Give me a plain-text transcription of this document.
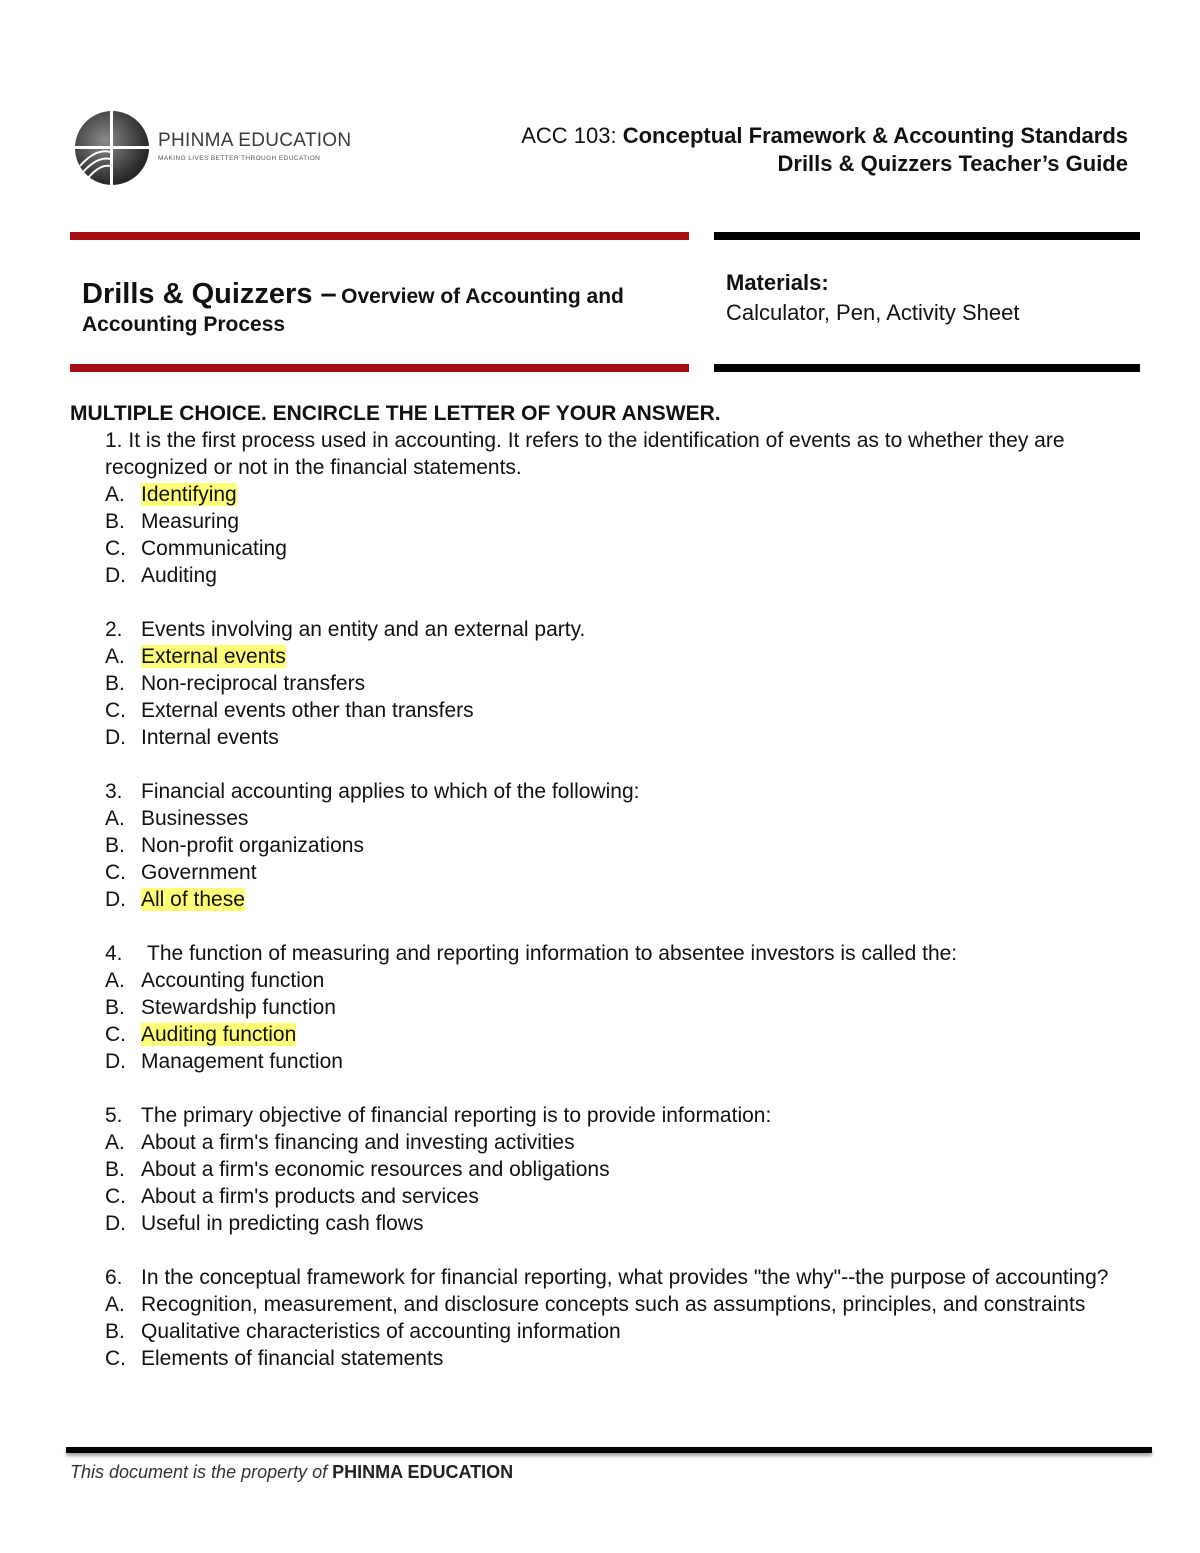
PHINMA EDUCATION
MAKING LIVES BETTER THROUGH EDUCATION
ACC 103: Conceptual Framework & Accounting Standards
Drills & Quizzers Teacher’s Guide
Drills & Quizzers – Overview of Accounting and
Accounting Process
Materials:
Calculator, Pen, Activity Sheet
MULTIPLE CHOICE. ENCIRCLE THE LETTER OF YOUR ANSWER.
1. It is the first process used in accounting. It refers to the identification of events as to whether they are recognized or not in the financial statements.
A. Identifying
B. Measuring
C. Communicating
D. Auditing
2. Events involving an entity and an external party.
A. External events
B. Non-reciprocal transfers
C. External events other than transfers
D. Internal events
3. Financial accounting applies to which of the following:
A. Businesses
B. Non-profit organizations
C. Government
D. All of these
4.	The function of measuring and reporting information to absentee investors is called the:
A. Accounting function
B. Stewardship function
C. Auditing function
D. Management function
5. The primary objective of financial reporting is to provide information:
A. About a firm's financing and investing activities
B. About a firm's economic resources and obligations
C. About a firm's products and services
D. Useful in predicting cash flows
6. In the conceptual framework for financial reporting, what provides "the why"--the purpose of accounting?
A. Recognition, measurement, and disclosure concepts such as assumptions, principles, and constraints
B. Qualitative characteristics of accounting information
C. Elements of financial statements
This document is the property of PHINMA EDUCATION
